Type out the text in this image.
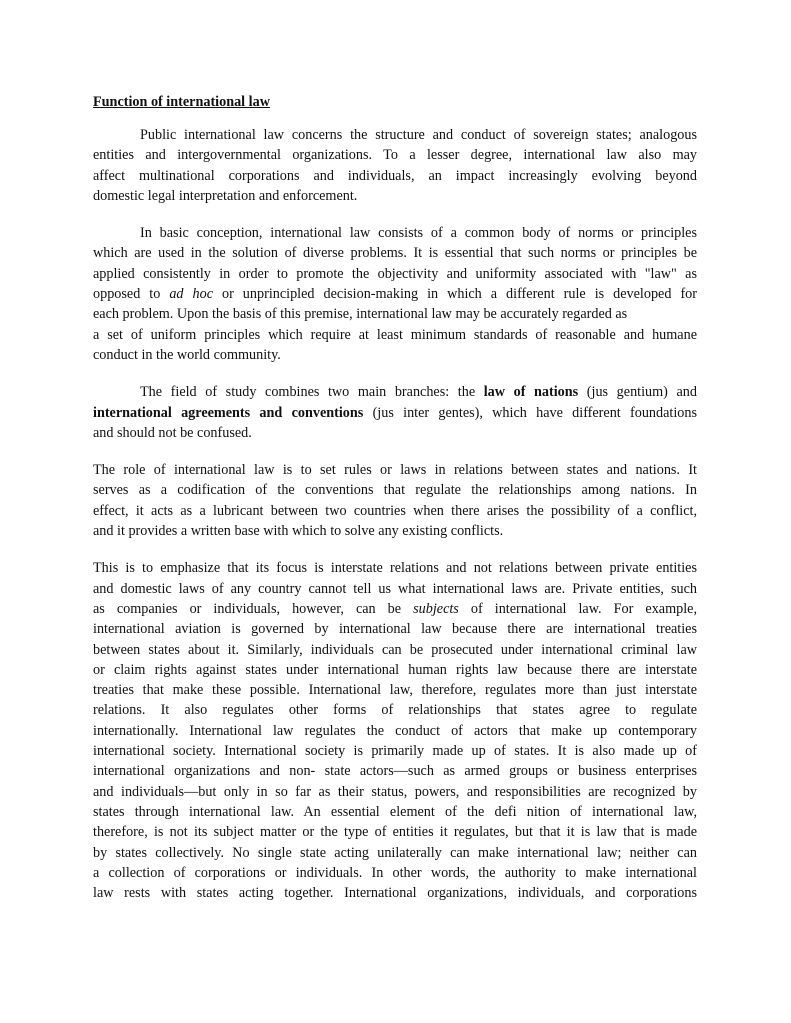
Function of international law
Public international law concerns the structure and conduct of sovereign states; analogous
entities and intergovernmental organizations. To a lesser degree, international law also may
affect multinational corporations and individuals, an impact increasingly evolving beyond
domestic legal interpretation and enforcement.
In basic conception, international law consists of a common body of norms or principles
which are used in the solution of diverse problems. It is essential that such norms or principles be
applied consistently in order to promote the objectivity and uniformity associated with "law" as
opposed to ad hoc or unprincipled decision-making in which a different rule is developed for
each problem. Upon the basis of this premise, international law may be accurately regarded as
a set of uniform principles which require at least minimum standards of reasonable and humane
conduct in the world community.
The field of study combines two main branches: the law of nations (jus gentium) and
international agreements and conventions (jus inter gentes), which have different foundations
and should not be confused.
The role of international law is to set rules or laws in relations between states and nations. It
serves as a codification of the conventions that regulate the relationships among nations. In
effect, it acts as a lubricant between two countries when there arises the possibility of a conflict,
and it provides a written base with which to solve any existing conflicts.
This is to emphasize that its focus is interstate relations and not relations between private entities
and domestic laws of any country cannot tell us what international laws are. Private entities, such
as companies or individuals, however, can be subjects of international law. For example,
international aviation is governed by international law because there are international treaties
between states about it. Similarly, individuals can be prosecuted under international criminal law
or claim rights against states under international human rights law because there are interstate
treaties that make these possible. International law, therefore, regulates more than just interstate
relations. It also regulates other forms of relationships that states agree to regulate
internationally. International law regulates the conduct of actors that make up contemporary
international society. International society is primarily made up of states. It is also made up of
international organizations and non- state actors—such as armed groups or business enterprises
and individuals—but only in so far as their status, powers, and responsibilities are recognized by
states through international law. An essential element of the defi nition of international law,
therefore, is not its subject matter or the type of entities it regulates, but that it is law that is made
by states collectively. No single state acting unilaterally can make international law; neither can
a collection of corporations or individuals. In other words, the authority to make international
law rests with states acting together. International organizations, individuals, and corporations
